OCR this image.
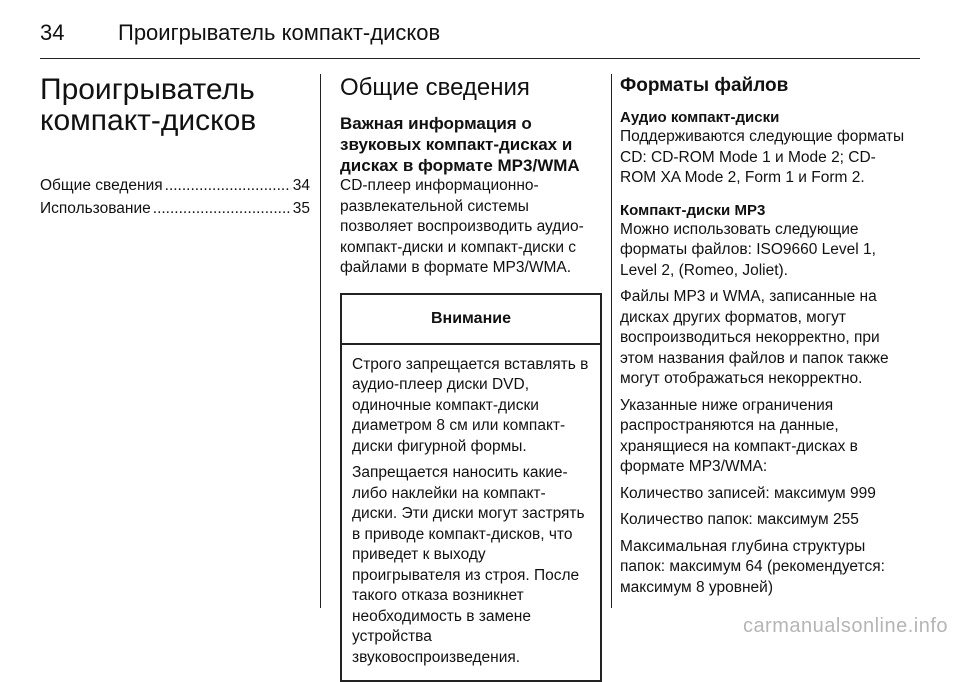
34 Проигрыватель компакт-дисков
Проигрыватель компакт-дисков
Общие сведения .....	34
Использование .....	35
Общие сведения
Важная информация о звуковых компакт-дисках и дисках в формате MP3/WMA

CD-плеер информационно-развлекательной системы позволяет воспроизводить аудио-компакт-диски и компакт-диски с файлами в формате MP3/WMA.

Внимание

Строго запрещается вставлять в аудио-плеер диски DVD, одиночные компакт-диски диаметром 8 см или компакт-диски фигурной формы.

Запрещается наносить какие-либо наклейки на компакт-диски. Эти диски могут застрять в приводе компакт-дисков, что приведет к выходу проигрывателя из строя. После такого отказа возникнет необходимость в замене устройства звуковоспроизведения.

Форматы файлов
Аудио компакт-диски

Поддерживаются следующие форматы CD: CD-ROM Mode 1 и Mode 2; CD-ROM XA Mode 2, Form 1 и Form 2.

Компакт-диски MP3

Можно использовать следующие форматы файлов: ISO9660 Level 1, Level 2, (Romeo, Joliet).

Файлы MP3 и WMA, записанные на дисках других форматов, могут воспроизводиться некорректно, при этом названия файлов и папок также могут отображаться некорректно.

Указанные ниже ограничения распространяются на данные, хранящиеся на компакт-дисках в формате MP3/WMA:

Количество записей: максимум 999

Количество папок: максимум 255

Максимальная глубина структуры папок: максимум 64 (рекомендуется: максимум 8 уровней)

carmanualsonline.info
